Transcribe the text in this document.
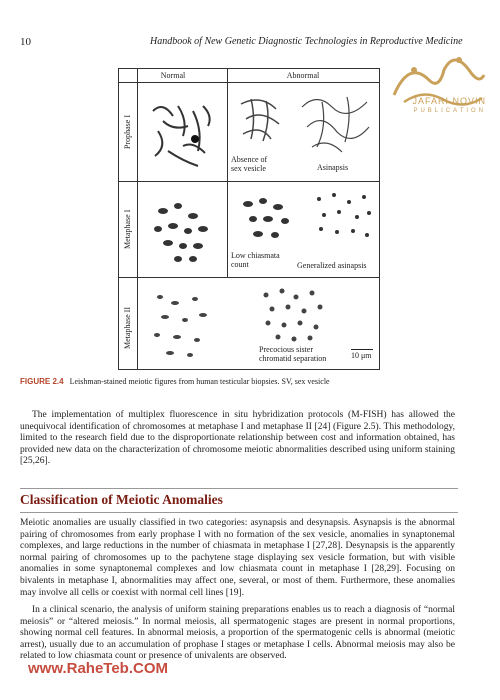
10	Handbook of New Genetic Diagnostic Technologies in Reproductive Medicine
JAFARI NOVIN
PUBLICATION
Normal	Abnormal
Prophase I
Metaphase I
Metaphase II
Absence of
sex vesicle	Asinapsis
Low chiasmata
count	Generalized asinapsis
Precocious sister
chromatid separation	10 μm
FIGURE 2.4 Leishman-stained meiotic figures from human testicular biopsies. SV, sex vesicle
The implementation of multiplex fluorescence in situ hybridization protocols (M-FISH) has allowed the unequivocal identification of chromosomes at metaphase I and metaphase II [24] (Figure 2.5). This methodology, limited to the research field due to the disproportionate relationship between cost and information obtained, has provided new data on the characterization of chromosome meiotic abnormalities described using uniform staining [25,26].
Classification of Meiotic Anomalies
Meiotic anomalies are usually classified in two categories: asynapsis and desynapsis. Asynapsis is the abnormal pairing of chromosomes from early prophase I with no formation of the sex vesicle, anomalies in synaptonemal complexes, and large reductions in the number of chiasmata in metaphase I [27,28]. Desynapsis is the apparently normal pairing of chromosomes up to the pachytene stage displaying sex vesicle formation, but with visible anomalies in some synaptonemal complexes and low chiasmata count in metaphase I [28,29]. Focusing on bivalents in metaphase I, abnormalities may affect one, several, or most of them. Furthermore, these anomalies may involve all cells or coexist with normal cell lines [19].
In a clinical scenario, the analysis of uniform staining preparations enables us to reach a diagnosis of “normal meiosis” or “altered meiosis.” In normal meiosis, all spermatogenic stages are present in normal proportions, showing normal cell features. In abnormal meiosis, a proportion of the spermatogenic cells is abnormal (meiotic arrest), usually due to an accumulation of prophase I stages or metaphase I cells. Abnormal meiosis may also be related to low chiasmata count or presence of univalents are observed.
www.RaheTeb.COM
